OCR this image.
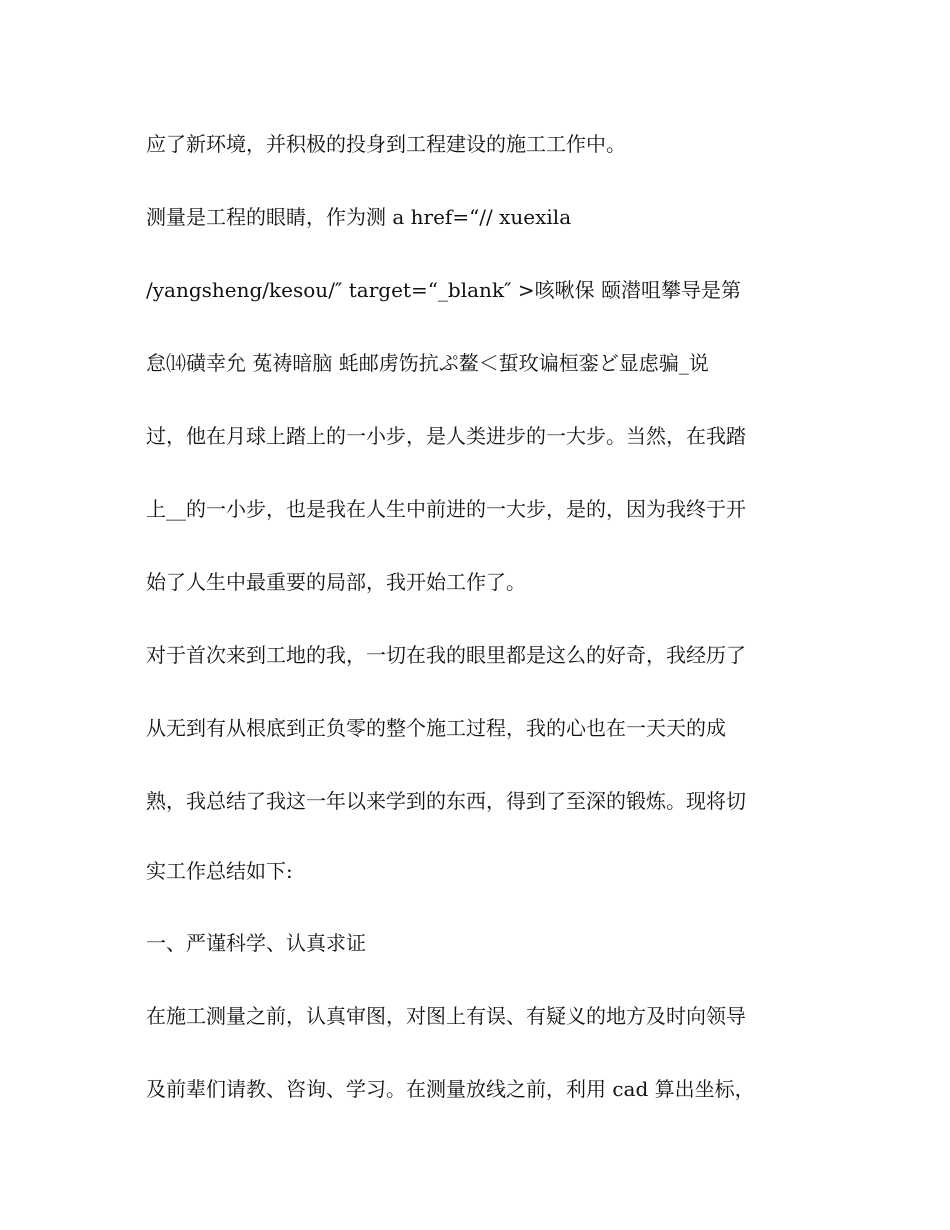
应了新环境，并积极的投身到工程建设的施工工作中。

测量是工程的眼睛，作为测 a href=“// xuexila

/yangsheng/kesou/″ target=“_blank″ >咳啾保 颐潜咀攀导是第

怠⒁磺幸允 菟祷暗脑 蚝邮虏饬抗ぷ鳌＜蜇玫谝桓銮ど显虑骗_说

过，他在月球上踏上的一小步，是人类进步的一大步。当然，在我踏

上__的一小步，也是我在人生中前进的一大步，是的，因为我终于开

始了人生中最重要的局部，我开始工作了。

对于首次来到工地的我，一切在我的眼里都是这么的好奇，我经历了

从无到有从根底到正负零的整个施工过程，我的心也在一天天的成

熟，我总结了我这一年以来学到的东西，得到了至深的锻炼。现将切

实工作总结如下:

一、严谨科学、认真求证

在施工测量之前，认真审图，对图上有误、有疑义的地方及时向领导

及前辈们请教、咨询、学习。在测量放线之前，利用 cad 算出坐标，
